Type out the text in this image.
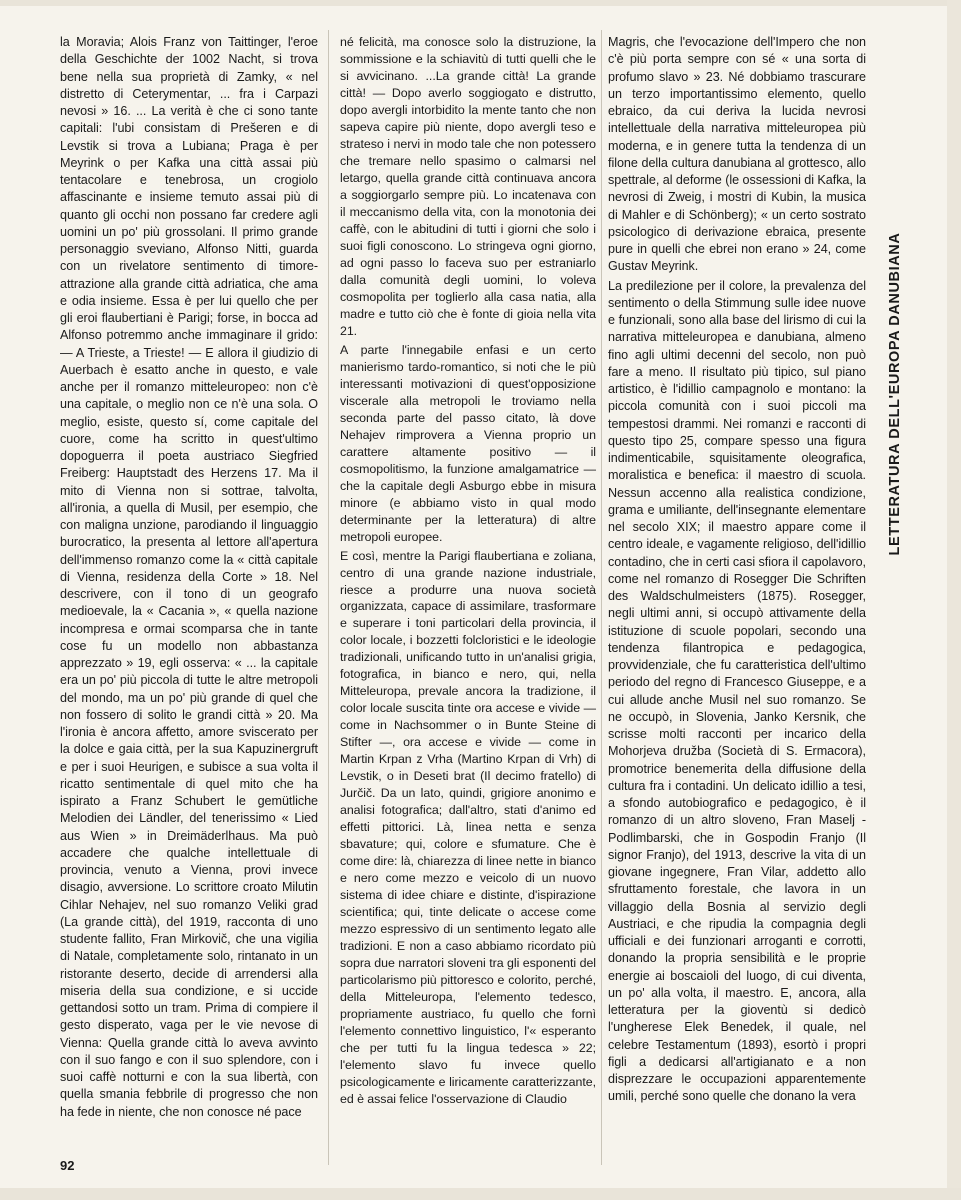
la Moravia; Alois Franz von Taittinger, l'eroe della Geschichte der 1002 Nacht, si trova bene nella sua proprietà di Zamky, « nel distretto di Ceterymentar, ... fra i Carpazi nevosi » 16. ... La verità è che ci sono tante capitali: l'ubi consistam di Prešeren e di Levstik si trova a Lubiana; Praga è per Meyrink o per Kafka una città assai più tentacolare e tenebrosa, un crogiolo affascinante e insieme temuto assai più di quanto gli occhi non possano far credere agli uomini un po' più grossolani. Il primo grande personaggio sveviano, Alfonso Nitti, guarda con un rivelatore sentimento di timore-attrazione alla grande città adriatica, che ama e odia insieme. Essa è per lui quello che per gli eroi flaubertiani è Parigi; forse, in bocca ad Alfonso potremmo anche immaginare il grido: — A Trieste, a Trieste! — E allora il giudizio di Auerbach è esatto anche in questo, e vale anche per il romanzo mitteleuropeo: non c'è una capitale, o meglio non ce n'è una sola. O meglio, esiste, questo sí, come capitale del cuore, come ha scritto in quest'ultimo dopoguerra il poeta austriaco Siegfried Freiberg: Hauptstadt des Herzens 17. Ma il mito di Vienna non si sottrae, talvolta, all'ironia, a quella di Musil, per esempio, che con maligna unzione, parodiando il linguaggio burocratico, la presenta al lettore all'apertura dell'immenso romanzo come la « città capitale di Vienna, residenza della Corte » 18. Nel descrivere, con il tono di un geografo medioevale, la « Cacania », « quella nazione incompresa e ormai scomparsa che in tante cose fu un modello non abbastanza apprezzato » 19, egli osserva: « ... la capitale era un po' più piccola di tutte le altre metropoli del mondo, ma un po' più grande di quel che non fossero di solito le grandi città » 20. Ma l'ironia è ancora affetto, amore sviscerato per la dolce e gaia città, per la sua Kapuzinergruft e per i suoi Heurigen, e subisce a sua volta il ricatto sentimentale di quel mito che ha ispirato a Franz Schubert le gemütliche Melodien dei Ländler, del tenerissimo « Lied aus Wien » in Dreimäderlhaus. Ma può accadere che qualche intellettuale di provincia, venuto a Vienna, provi invece disagio, avversione. Lo scrittore croato Milutin Cihlar Nehajev, nel suo romanzo Veliki grad (La grande città), del 1919, racconta di uno studente fallito, Fran Mirkovič, che una vigilia di Natale, completamente solo, rintanato in un ristorante deserto, decide di arrendersi alla miseria della sua condizione, e si uccide gettandosi sotto un tram. Prima di compiere il gesto disperato, vaga per le vie nevose di Vienna: Quella grande città lo aveva avvinto con il suo fango e con il suo splendore, con i suoi caffè notturni e con la sua libertà, con quella smania febbrile di progresso che non ha fede in niente, che non conosce né pace

né felicità, ma conosce solo la distruzione, la sommissione e la schiavitù di tutti quelli che le si avvicinano. ...La grande città! La grande città! — Dopo averlo soggiogato e distrutto, dopo avergli intorbidito la mente tanto che non sapeva capire più niente, dopo avergli teso e strateso i nervi in modo tale che non potessero che tremare nello spasimo o calmarsi nel letargo, quella grande città continuava ancora a soggiorgarlo sempre più. Lo incatenava con il meccanismo della vita, con la monotonia dei caffè, con le abitudini di tutti i giorni che solo i suoi figli conoscono. Lo stringeva ogni giorno, ad ogni passo lo faceva suo per estraniarlo dalla comunità degli uomini, lo voleva cosmopolita per toglierlo alla casa natia, alla madre e tutto ciò che è fonte di gioia nella vita 21.

A parte l'innegabile enfasi e un certo manierismo tardo-romantico, si noti che le più interessanti motivazioni di quest'opposizione viscerale alla metropoli le troviamo nella seconda parte del passo citato, là dove Nehajev rimprovera a Vienna proprio un carattere altamente positivo — il cosmopolitismo, la funzione amalgamatrice — che la capitale degli Asburgo ebbe in misura minore (e abbiamo visto in qual modo determinante per la letteratura) di altre metropoli europee.

E così, mentre la Parigi flaubertiana e zoliana, centro di una grande nazione industriale, riesce a produrre una nuova società organizzata, capace di assimilare, trasformare e superare i toni particolari della provincia, il color locale, i bozzetti folcloristici e le ideologie tradizionali, unificando tutto in un'analisi grigia, fotografica, in bianco e nero, qui, nella Mitteleuropa, prevale ancora la tradizione, il color locale suscita tinte ora accese e vivide — come in Nachsommer o in Bunte Steine di Stifter —, ora accese e vivide — come in Martin Krpan z Vrha (Martino Krpan di Vrh) di Levstik, o in Deseti brat (Il decimo fratello) di Jurčič. Da un lato, quindi, grigiore anonimo e analisi fotografica; dall'altro, stati d'animo ed effetti pittorici. Là, linea netta e senza sbavature; qui, colore e sfumature. Che è come dire: là, chiarezza di linee nette in bianco e nero come mezzo e veicolo di un nuovo sistema di idee chiare e distinte, d'ispirazione scientifica; qui, tinte delicate o accese come mezzo espressivo di un sentimento legato alle tradizioni. E non a caso abbiamo ricordato più sopra due narratori sloveni tra gli esponenti del particolarismo più pittoresco e colorito, perché, della Mitteleuropa, l'elemento tedesco, propriamente austriaco, fu quello che fornì l'elemento connettivo linguistico, l'« esperanto che per tutti fu la lingua tedesca » 22; l'elemento slavo fu invece quello psicologicamente e liricamente caratterizzante, ed è assai felice l'osservazione di Claudio

Magris, che l'evocazione dell'Impero che non c'è più porta sempre con sé « una sorta di profumo slavo » 23. Né dobbiamo trascurare un terzo importantissimo elemento, quello ebraico, da cui deriva la lucida nevrosi intellettuale della narrativa mitteleuropea più moderna, e in genere tutta la tendenza di un filone della cultura danubiana al grottesco, allo spettrale, al deforme (le ossessioni di Kafka, la nevrosi di Zweig, i mostri di Kubin, la musica di Mahler e di Schönberg); « un certo sostrato psicologico di derivazione ebraica, presente pure in quelli che ebrei non erano » 24, come Gustav Meyrink.

La predilezione per il colore, la prevalenza del sentimento o della Stimmung sulle idee nuove e funzionali, sono alla base del lirismo di cui la narrativa mitteleuropea e danubiana, almeno fino agli ultimi decenni del secolo, non può fare a meno. Il risultato più tipico, sul piano artistico, è l'idillio campagnolo e montano: la piccola comunità con i suoi piccoli ma tempestosi drammi. Nei romanzi e racconti di questo tipo 25, compare spesso una figura indimenticabile, squisitamente oleografica, moralistica e benefica: il maestro di scuola. Nessun accenno alla realistica condizione, grama e umiliante, dell'insegnante elementare nel secolo XIX; il maestro appare come il centro ideale, e vagamente religioso, dell'idillio contadino, che in certi casi sfiora il capolavoro, come nel romanzo di Rosegger Die Schriften des Waldschulmeisters (1875). Rosegger, negli ultimi anni, si occupò attivamente della istituzione di scuole popolari, secondo una tendenza filantropica e pedagogica, provvidenziale, che fu caratteristica dell'ultimo periodo del regno di Francesco Giuseppe, e a cui allude anche Musil nel suo romanzo. Se ne occupò, in Slovenia, Janko Kersnik, che scrisse molti racconti per incarico della Mohorjeva družba (Società di S. Ermacora), promotrice benemerita della diffusione della cultura fra i contadini. Un delicato idillio a tesi, a sfondo autobiografico e pedagogico, è il romanzo di un altro sloveno, Fran Maselj - Podlimbarski, che in Gospodin Franjo (Il signor Franjo), del 1913, descrive la vita di un giovane ingegnere, Fran Vilar, addetto allo sfruttamento forestale, che lavora in un villaggio della Bosnia al servizio degli Austriaci, e che ripudia la compagnia degli ufficiali e dei funzionari arroganti e corrotti, donando la propria sensibilità e le proprie energie ai boscaioli del luogo, di cui diventa, un po' alla volta, il maestro. E, ancora, alla letteratura per la gioventù si dedicò l'ungherese Elek Benedek, il quale, nel celebre Testamentum (1893), esortò i propri figli a dedicarsi all'artigianato e a non disprezzare le occupazioni apparentemente umili, perché sono quelle che donano la vera

LETTERATURA DELL'EUROPA DANUBIANA
92
